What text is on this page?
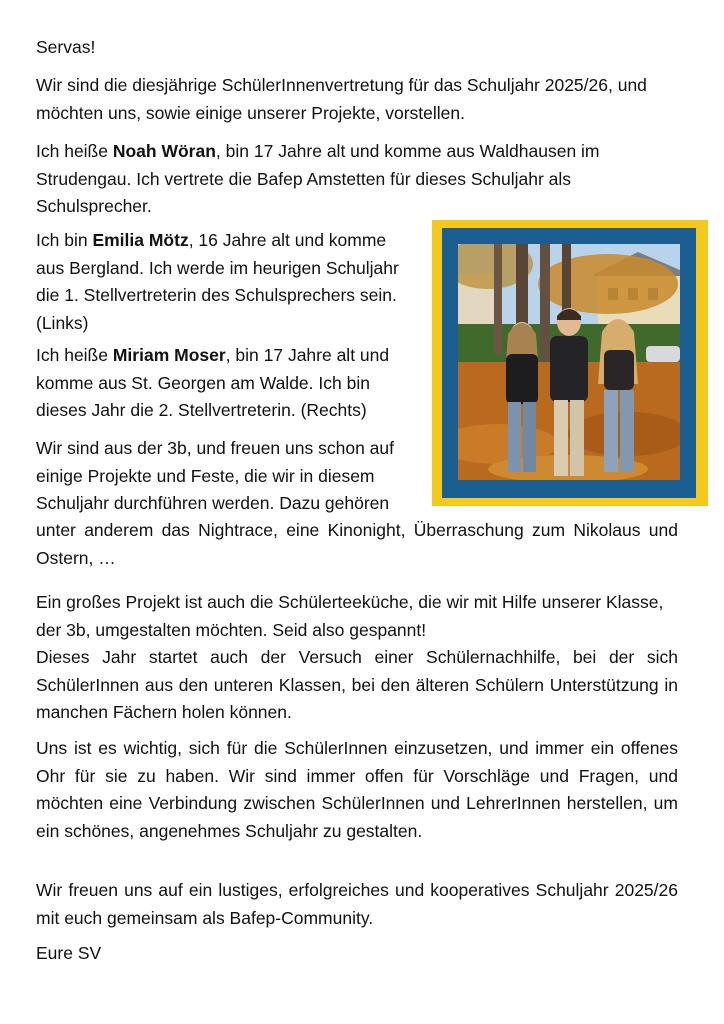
Servas!

Wir sind die diesjährige SchülerInnenvertretung für das Schuljahr 2025/26, und möchten uns, sowie einige unserer Projekte, vorstellen.

Ich heiße Noah Wöran, bin 17 Jahre alt und komme aus Waldhausen im Strudengau. Ich vertrete die Bafep Amstetten für dieses Schuljahr als Schulsprecher.

Ich bin Emilia Mötz, 16 Jahre alt und komme aus Bergland. Ich werde im heurigen Schuljahr die 1. Stellvertreterin des Schulsprechers sein. (Links)

Ich heiße Miriam Moser, bin 17 Jahre alt und komme aus St. Georgen am Walde. Ich bin dieses Jahr die 2. Stellvertreterin. (Rechts)

Wir sind aus der 3b, und freuen uns schon auf einige Projekte und Feste, die wir in diesem Schuljahr durchführen werden. Dazu gehören

unter anderem das Nightrace, eine Kinonight, Überraschung zum Nikolaus und Ostern, …

Ein großes Projekt ist auch die Schülerteeküche, die wir mit Hilfe unserer Klasse, der 3b, umgestalten möchten. Seid also gespannt!

Dieses Jahr startet auch der Versuch einer Schülernachhilfe, bei der sich SchülerInnen aus den unteren Klassen, bei den älteren Schülern Unterstützung in manchen Fächern holen können.

Uns ist es wichtig, sich für die SchülerInnen einzusetzen, und immer ein offenes Ohr für sie zu haben. Wir sind immer offen für Vorschläge und Fragen, und möchten eine Verbindung zwischen SchülerInnen und LehrerInnen herstellen, um ein schönes, angenehmes Schuljahr zu gestalten.

Wir freuen uns auf ein lustiges, erfolgreiches und kooperatives Schuljahr 2025/26 mit euch gemeinsam als Bafep-Community.

Eure SV
